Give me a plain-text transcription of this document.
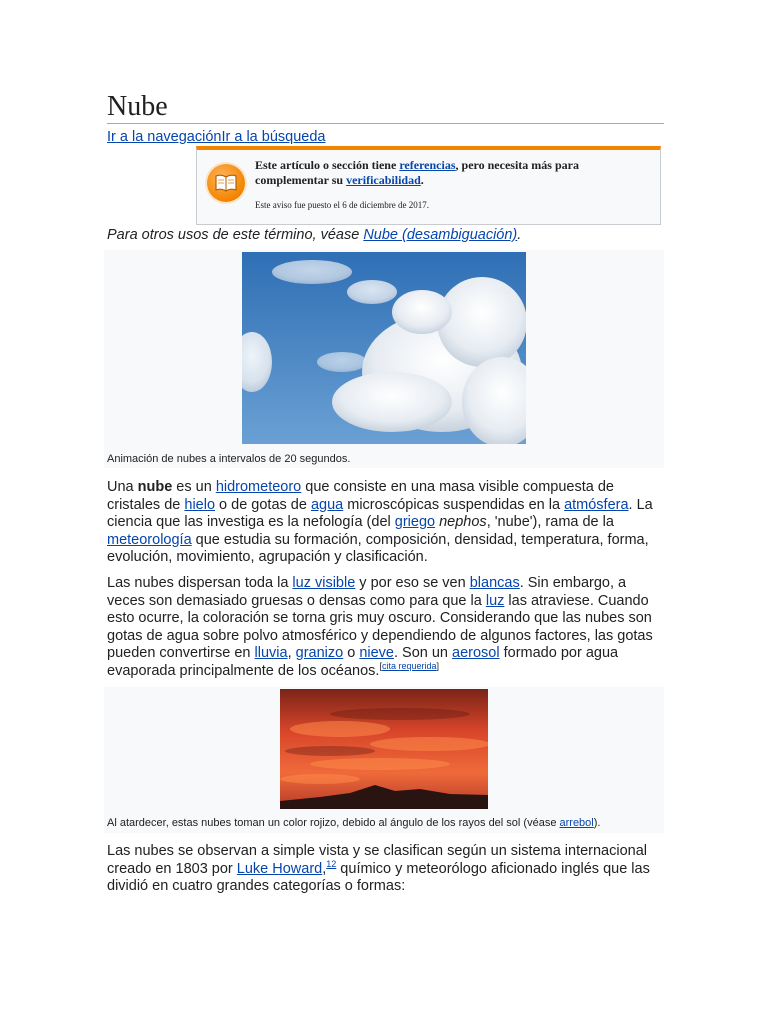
Nube
Ir a la navegaciónIr a la búsqueda
Este artículo o sección tiene referencias, pero necesita más para complementar su verificabilidad.
Este aviso fue puesto el 6 de diciembre de 2017.
Para otros usos de este término, véase Nube (desambiguación).
Animación de nubes a intervalos de 20 segundos.

Una nube es un hidrometeoro que consiste en una masa visible compuesta de cristales de hielo o de gotas de agua microscópicas suspendidas en la atmósfera. La ciencia que las investiga es la nefología (del griego nephos, 'nube'), rama de la meteorología que estudia su formación, composición, densidad, temperatura, forma, evolución, movimiento, agrupación y clasificación.

Las nubes dispersan toda la luz visible y por eso se ven blancas. Sin embargo, a veces son demasiado gruesas o densas como para que la luz las atraviese. Cuando esto ocurre, la coloración se torna gris muy oscuro. Considerando que las nubes son gotas de agua sobre polvo atmosférico y dependiendo de algunos factores, las gotas pueden convertirse en lluvia, granizo o nieve. Son un aerosol formado por agua evaporada principalmente de los océanos.[cita requerida]

Al atardecer, estas nubes toman un color rojizo, debido al ángulo de los rayos del sol (véase arrebol).

Las nubes se observan a simple vista y se clasifican según un sistema internacional creado en 1803 por Luke Howard,$^{12}$ químico y meteorólogo aficionado inglés que las dividió en cuatro grandes categorías o formas:
